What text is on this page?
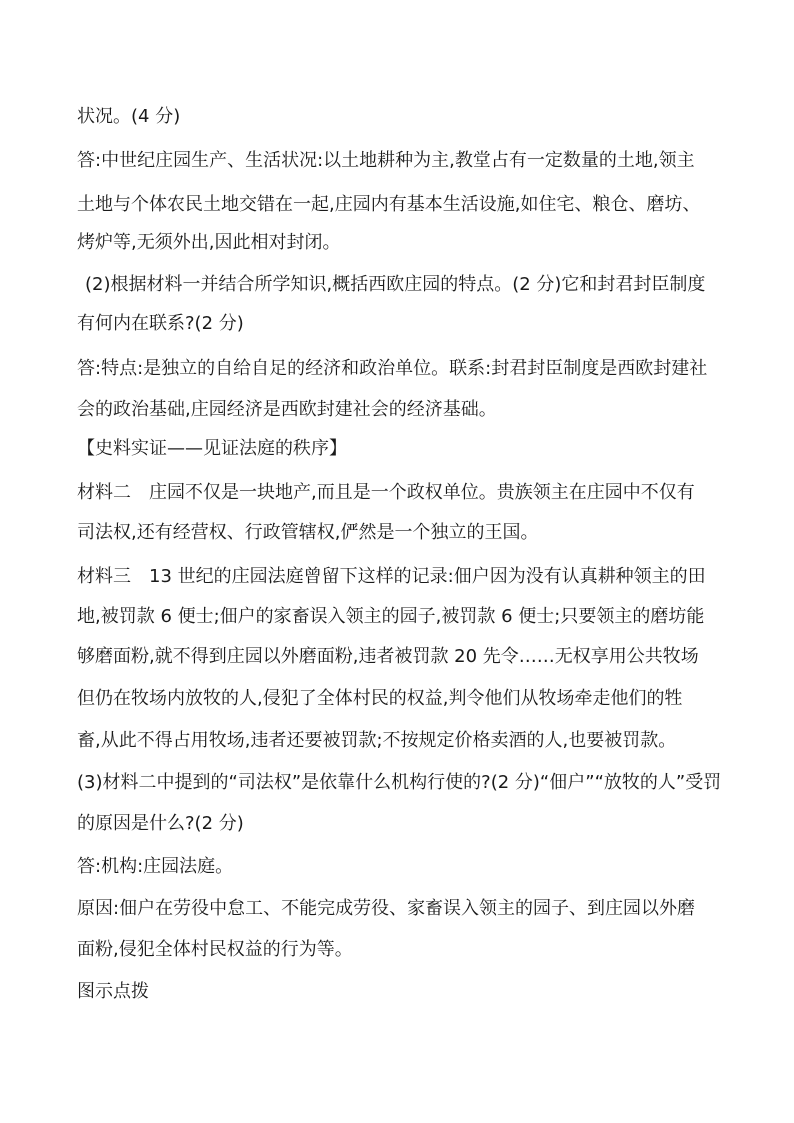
状况。(4 分)

答:中世纪庄园生产、生活状况:以土地耕种为主,教堂占有一定数量的土地,领主

土地与个体农民土地交错在一起,庄园内有基本生活设施,如住宅、粮仓、磨坊、

烤炉等,无须外出,因此相对封闭。

(2)根据材料一并结合所学知识,概括西欧庄园的特点。(2 分)它和封君封臣制度

有何内在联系?(2 分)

答:特点:是独立的自给自足的经济和政治单位。联系:封君封臣制度是西欧封建社

会的政治基础,庄园经济是西欧封建社会的经济基础。

【史料实证——见证法庭的秩序】

材料二　庄园不仅是一块地产,而且是一个政权单位。贵族领主在庄园中不仅有

司法权,还有经营权、行政管辖权,俨然是一个独立的王国。

材料三　13 世纪的庄园法庭曾留下这样的记录:佃户因为没有认真耕种领主的田

地,被罚款 6 便士;佃户的家畜误入领主的园子,被罚款 6 便士;只要领主的磨坊能

够磨面粉,就不得到庄园以外磨面粉,违者被罚款 20 先令……无权享用公共牧场

但仍在牧场内放牧的人,侵犯了全体村民的权益,判令他们从牧场牵走他们的牲

畜,从此不得占用牧场,违者还要被罚款;不按规定价格卖酒的人,也要被罚款。

(3)材料二中提到的“司法权”是依靠什么机构行使的?(2 分)“佃户”“放牧的人”受罚

的原因是什么?(2 分)

答:机构:庄园法庭。

原因:佃户在劳役中怠工、不能完成劳役、家畜误入领主的园子、到庄园以外磨

面粉,侵犯全体村民权益的行为等。

图示点拨
